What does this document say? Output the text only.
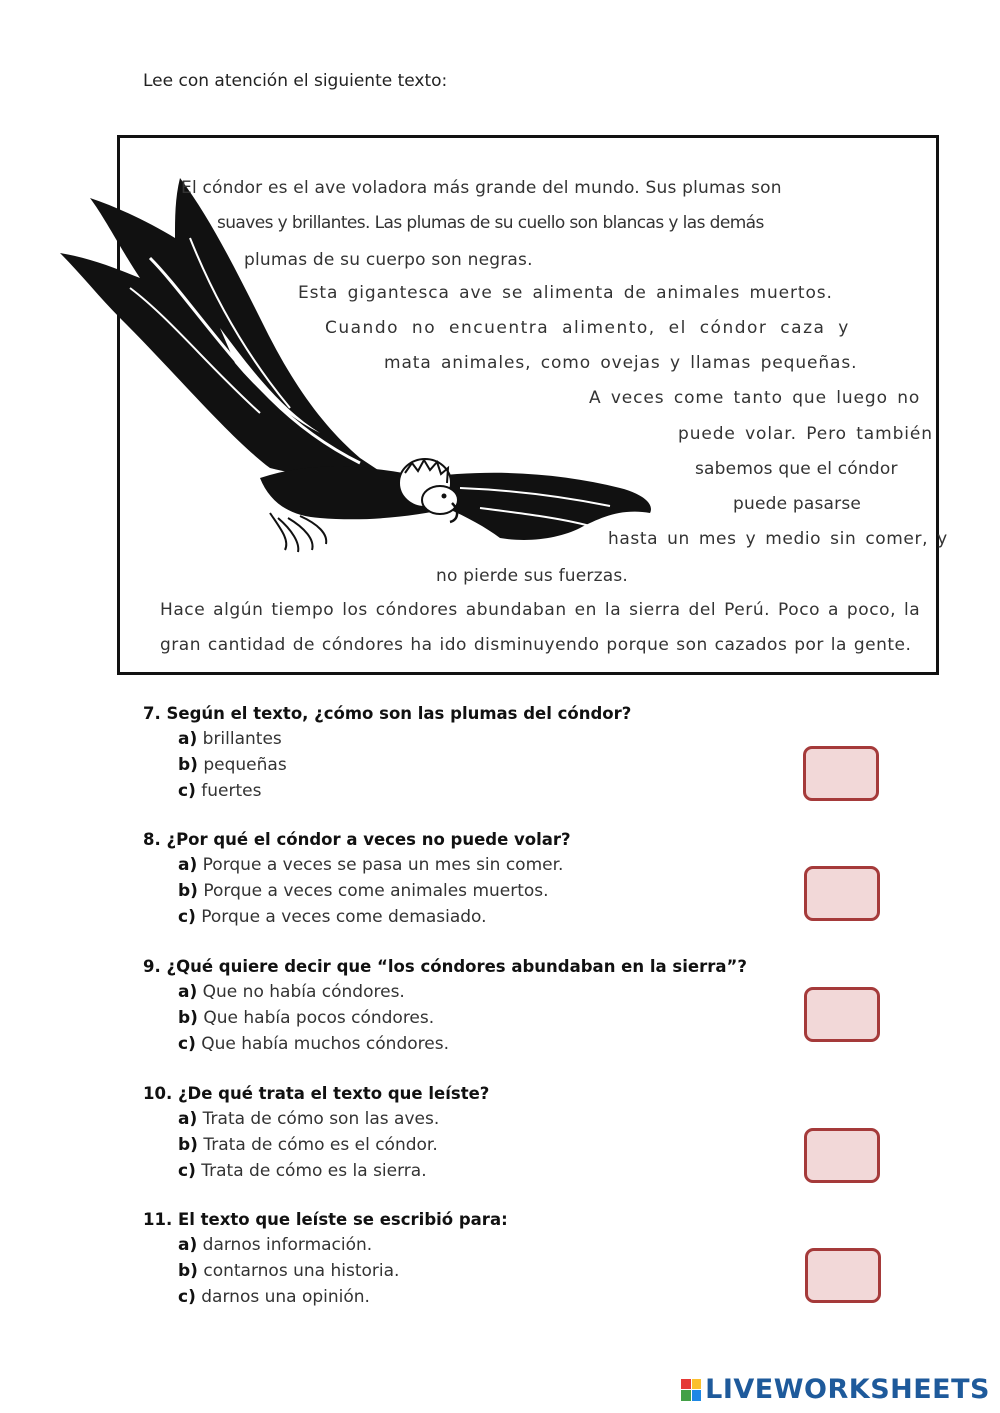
Lee con atención el siguiente texto:
El cóndor es el ave voladora más grande del mundo. Sus plumas son
suaves y brillantes. Las plumas de su cuello son blancas y las demás
plumas de su cuerpo son negras.
Esta gigantesca ave se alimenta de animales muertos.
Cuando no encuentra alimento, el cóndor caza y
mata animales, como ovejas y llamas pequeñas.
A veces come tanto que luego no
puede volar. Pero también
sabemos que el cóndor
puede pasarse
hasta un mes y medio sin comer, y
no pierde sus fuerzas.
Hace algún tiempo los cóndores abundaban en la sierra del Perú. Poco a poco, la
gran cantidad de cóndores ha ido disminuyendo porque son cazados por la gente.
7. Según el texto, ¿cómo son las plumas del cóndor?
a) brillantes
b) pequeñas
c) fuertes
8. ¿Por qué el cóndor a veces no puede volar?
a) Porque a veces se pasa un mes sin comer.
b) Porque a veces come animales muertos.
c) Porque a veces come demasiado.
9. ¿Qué quiere decir que “los cóndores abundaban en la sierra”?
a) Que no había cóndores.
b) Que había pocos cóndores.
c) Que había muchos cóndores.
10. ¿De qué trata el texto que leíste?
a) Trata de cómo son las aves.
b) Trata de cómo es el cóndor.
c) Trata de cómo es la sierra.
11. El texto que leíste se escribió para:
a) darnos información.
b) contarnos una historia.
c) darnos una opinión.
LIVEWORKSHEETS
